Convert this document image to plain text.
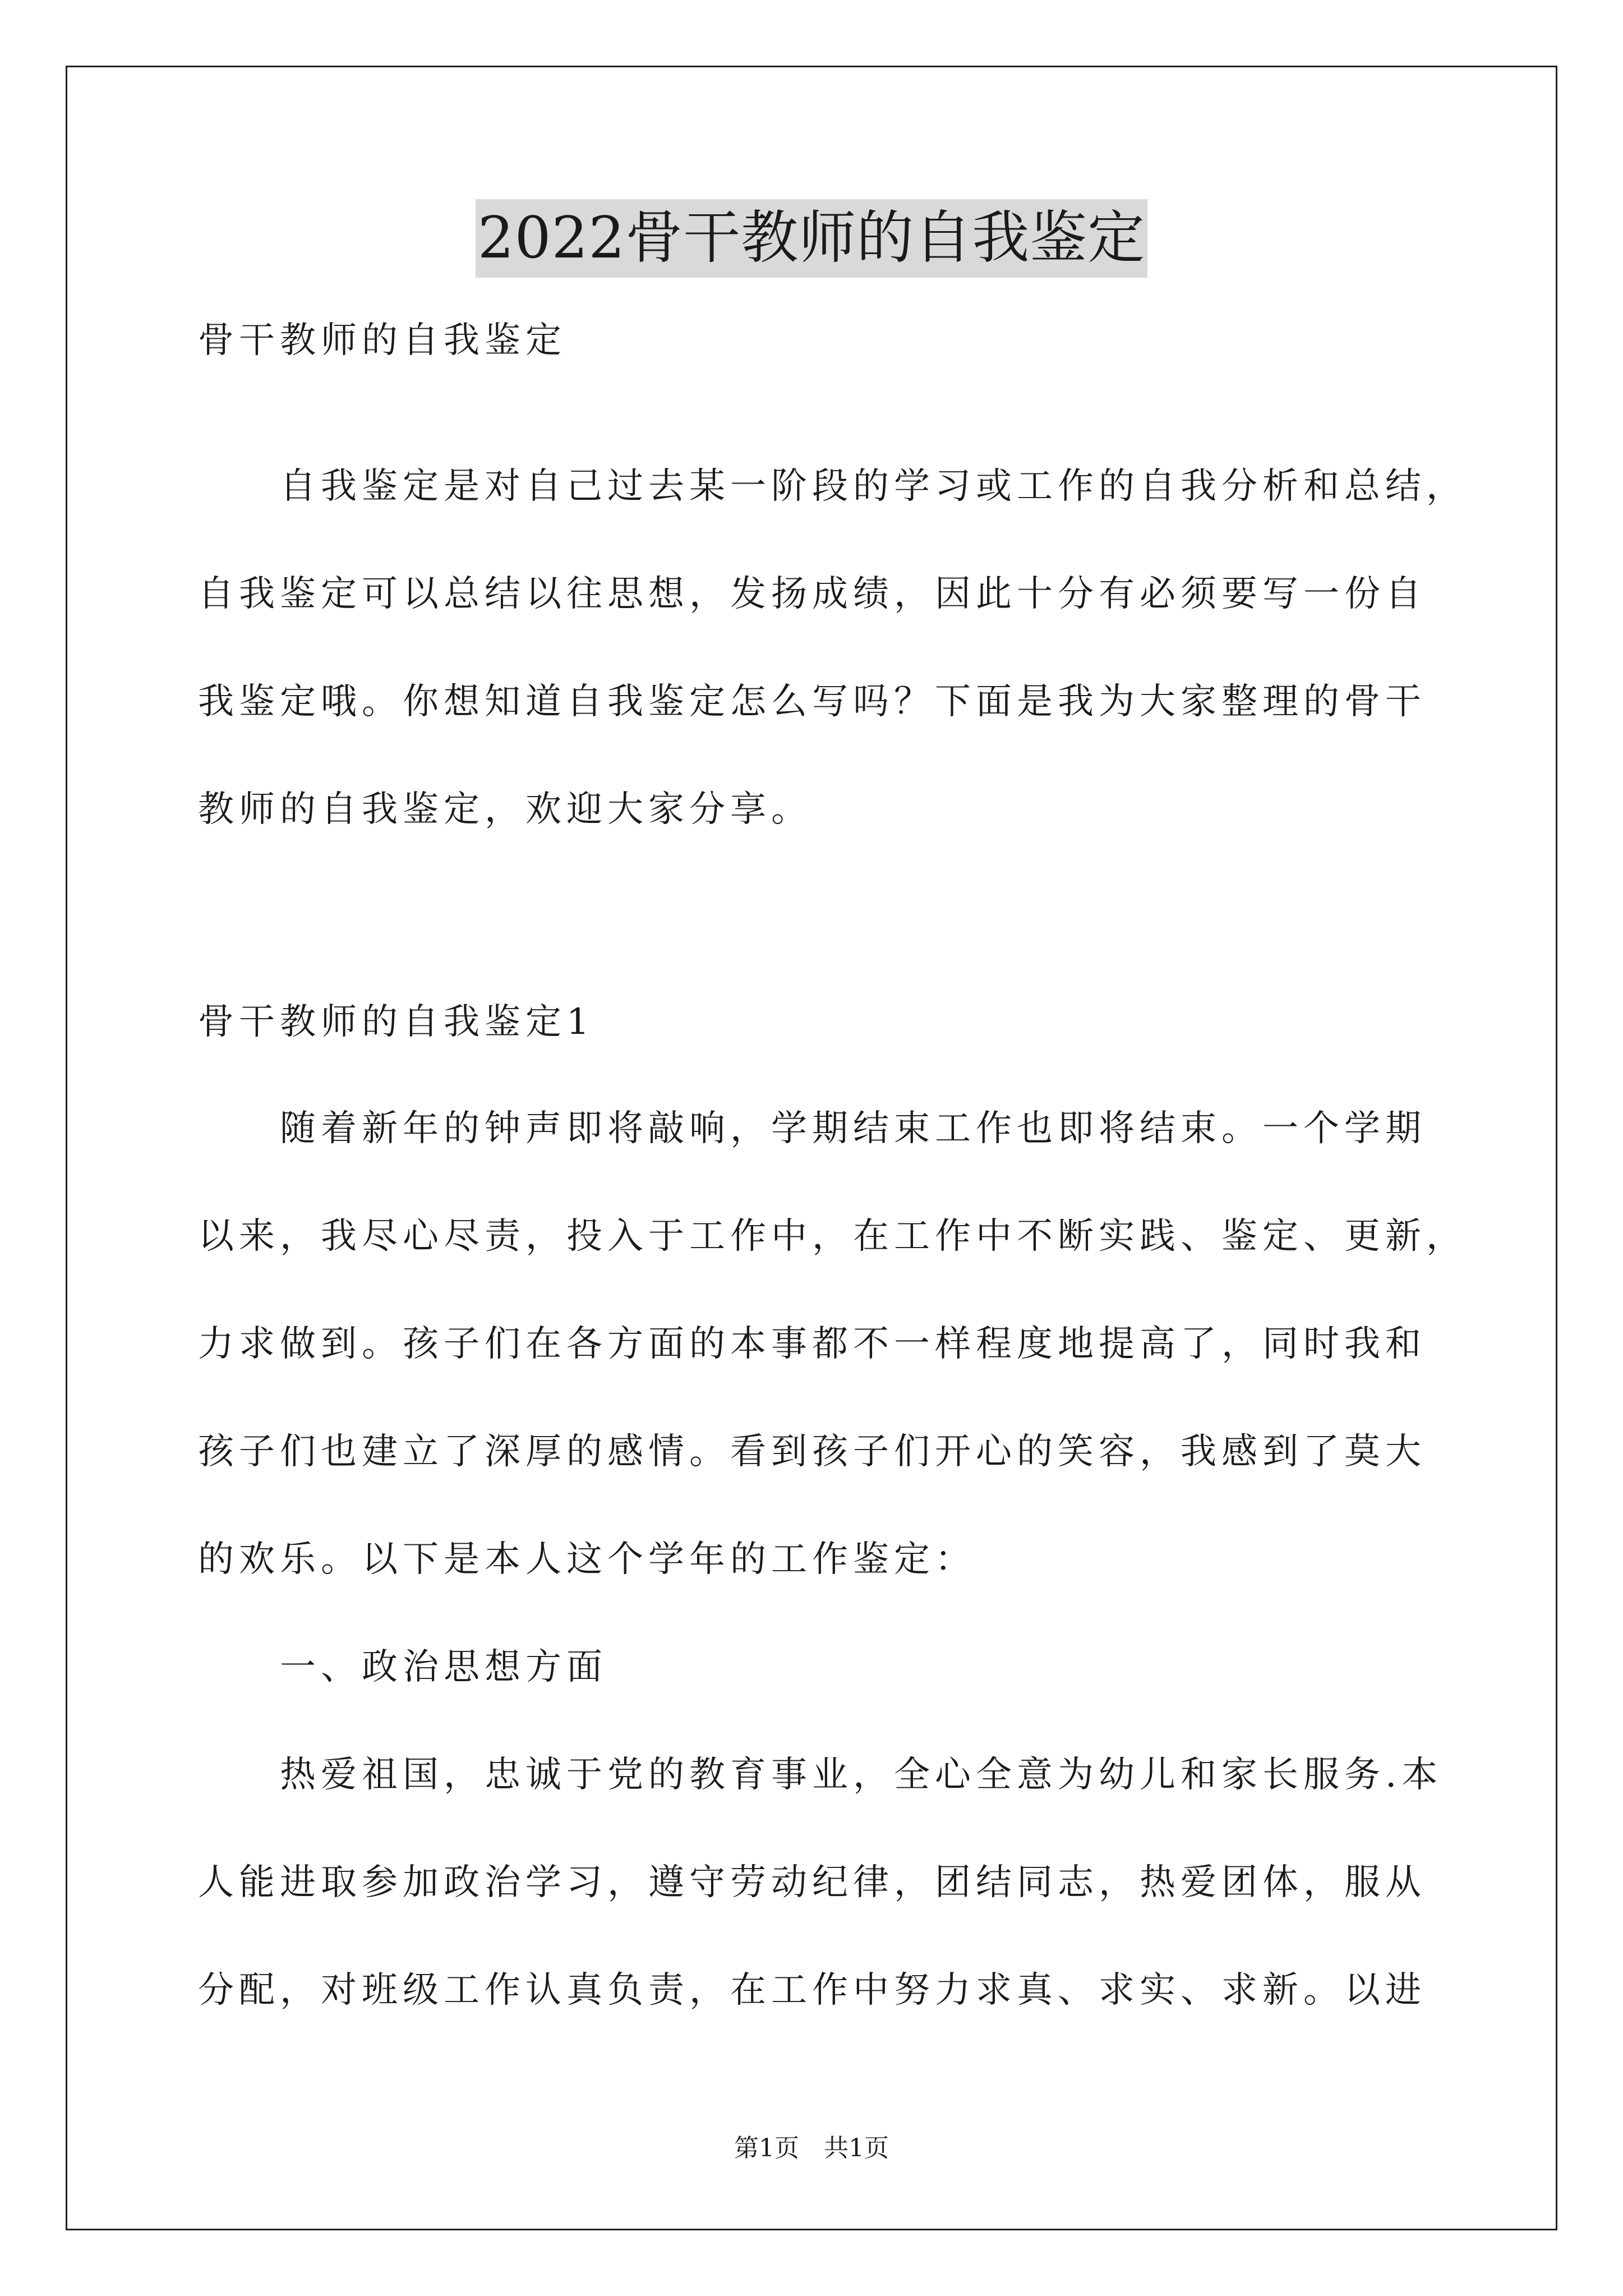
2022骨干教师的自我鉴定
骨干教师的自我鉴定
　　自我鉴定是对自己过去某一阶段的学习或工作的自我分析和总结，
自我鉴定可以总结以往思想，发扬成绩，因此十分有必须要写一份自
我鉴定哦。你想知道自我鉴定怎么写吗？下面是我为大家整理的骨干
教师的自我鉴定，欢迎大家分享。
骨干教师的自我鉴定1
　　随着新年的钟声即将敲响，学期结束工作也即将结束。一个学期
以来，我尽心尽责，投入于工作中，在工作中不断实践、鉴定、更新，
力求做到。孩子们在各方面的本事都不一样程度地提高了，同时我和
孩子们也建立了深厚的感情。看到孩子们开心的笑容，我感到了莫大
的欢乐。以下是本人这个学年的工作鉴定：
　　一、政治思想方面
　　热爱祖国，忠诚于党的教育事业，全心全意为幼儿和家长服务.本
人能进取参加政治学习，遵守劳动纪律，团结同志，热爱团体，服从
分配，对班级工作认真负责，在工作中努力求真、求实、求新。以进
第1页　共1页
